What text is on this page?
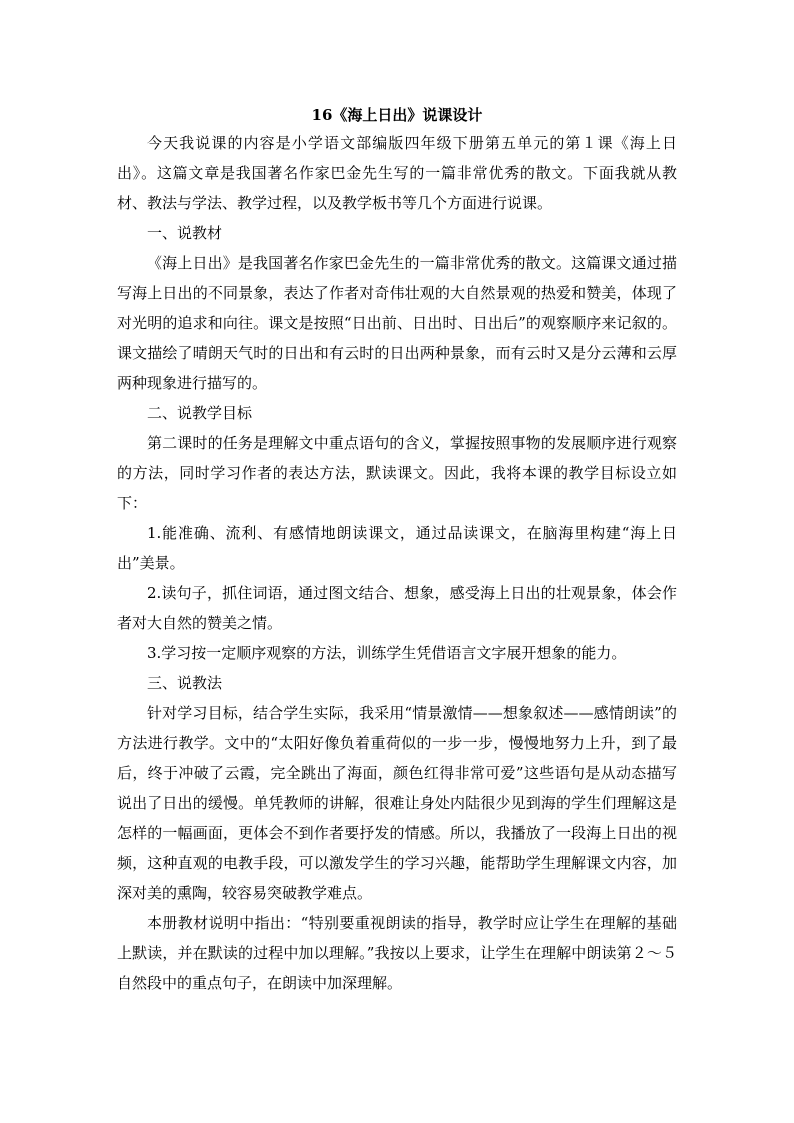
16《海上日出》说课设计

今天我说课的内容是小学语文部编版四年级下册第五单元的第１课《海上日出》。这篇文章是我国著名作家巴金先生写的一篇非常优秀的散文。下面我就从教材、教法与学法、教学过程，以及教学板书等几个方面进行说课。

一、说教材

《海上日出》是我国著名作家巴金先生的一篇非常优秀的散文。这篇课文通过描写海上日出的不同景象，表达了作者对奇伟壮观的大自然景观的热爱和赞美，体现了对光明的追求和向往。课文是按照“日出前、日出时、日出后”的观察顺序来记叙的。课文描绘了晴朗天气时的日出和有云时的日出两种景象，而有云时又是分云薄和云厚两种现象进行描写的。

二、说教学目标

第二课时的任务是理解文中重点语句的含义，掌握按照事物的发展顺序进行观察的方法，同时学习作者的表达方法，默读课文。因此，我将本课的教学目标设立如下：

1.能准确、流利、有感情地朗读课文，通过品读课文，在脑海里构建“海上日出”美景。

2.读句子，抓住词语，通过图文结合、想象，感受海上日出的壮观景象，体会作者对大自然的赞美之情。

3.学习按一定顺序观察的方法，训练学生凭借语言文字展开想象的能力。

三、说教法

针对学习目标，结合学生实际，我采用“情景激情——想象叙述——感情朗读”的方法进行教学。文中的“太阳好像负着重荷似的一步一步，慢慢地努力上升，到了最后，终于冲破了云霞，完全跳出了海面，颜色红得非常可爱”这些语句是从动态描写说出了日出的缓慢。单凭教师的讲解，很难让身处内陆很少见到海的学生们理解这是怎样的一幅画面，更体会不到作者要抒发的情感。所以，我播放了一段海上日出的视频，这种直观的电教手段，可以激发学生的学习兴趣，能帮助学生理解课文内容，加深对美的熏陶，较容易突破教学难点。

本册教材说明中指出：“特别要重视朗读的指导，教学时应让学生在理解的基础上默读，并在默读的过程中加以理解。”我按以上要求，让学生在理解中朗读第２～５自然段中的重点句子，在朗读中加深理解。
